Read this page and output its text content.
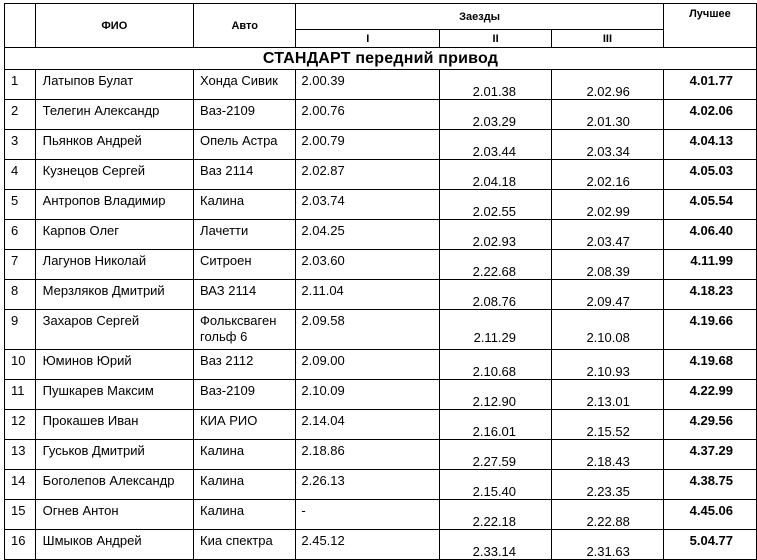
	ФИО	Авто	Заезды			Лучшее
			I	II	III	
СТАНДАРТ передний привод						
1	Латыпов Булат	Хонда Сивик	2.00.39	2.01.38	2.02.96	4.01.77
2	Телегин Александр	Ваз-2109	2.00.76	2.03.29	2.01.30	4.02.06
3	Пьянков Андрей	Опель Астра	2.00.79	2.03.44	2.03.34	4.04.13
4	Кузнецов Сергей	Ваз 2114	2.02.87	2.04.18	2.02.16	4.05.03
5	Антропов Владимир	Калина	2.03.74	2.02.55	2.02.99	4.05.54
6	Карпов Олег	Лачетти	2.04.25	2.02.93	2.03.47	4.06.40
7	Лагунов Николай	Ситроен	2.03.60	2.22.68	2.08.39	4.11.99
8	Мерзляков Дмитрий	ВАЗ 2114	2.11.04	2.08.76	2.09.47	4.18.23
9	Захаров Сергей	Фольксваген гольф 6	2.09.58	2.11.29	2.10.08	4.19.66
10	Юминов Юрий	Ваз 2112	2.09.00	2.10.68	2.10.93	4.19.68
11	Пушкарев Максим	Ваз-2109	2.10.09	2.12.90	2.13.01	4.22.99
12	Прокашев Иван	КИА РИО	2.14.04	2.16.01	2.15.52	4.29.56
13	Гуськов Дмитрий	Калина	2.18.86	2.27.59	2.18.43	4.37.29
14	Боголепов Александр	Калина	2.26.13	2.15.40	2.23.35	4.38.75
15	Огнев Антон	Калина	-	2.22.18	2.22.88	4.45.06
16	Шмыков Андрей	Киа спектра	2.45.12	2.33.14	2.31.63	5.04.77
